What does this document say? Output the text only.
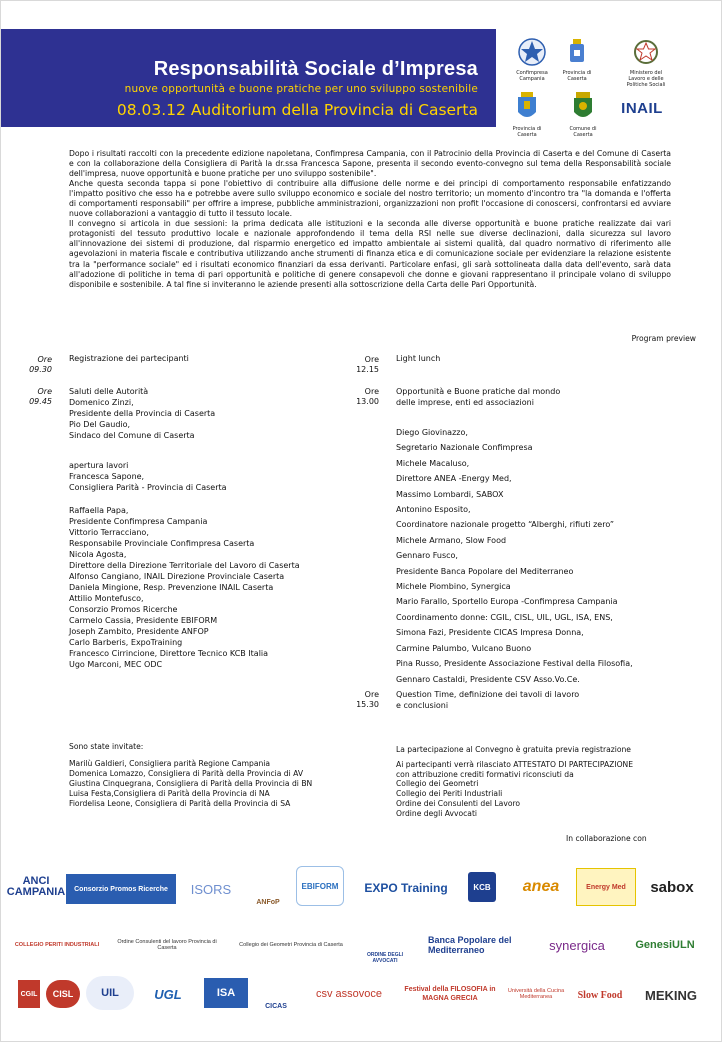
Responsabilità Sociale d’Impresa
nuove opportunità e buone pratiche per uno sviluppo sostenibile
08.03.12 Auditorium della Provincia di Caserta
Confimpresa Campania
Provincia di Caserta
Ministero del Lavoro e delle Politiche Sociali
Provincia di Caserta
Comune di Caserta
INAIL

Dopo i risultati raccolti con la precedente edizione napoletana, Confimpresa Campania, con il Patrocinio della Provincia di Caserta e del Comune di Caserta e con la collaborazione della Consigliera di Parità la dr.ssa Francesca Sapone, presenta il secondo evento-convegno sul tema della Responsabilità sociale dell'impresa, nuove opportunità e buone pratiche per uno sviluppo sostenibile".

Anche questa seconda tappa si pone l'obiettivo di contribuire alla diffusione delle norme e dei principi di comportamento responsabile enfatizzando l'impatto positivo che esso ha e potrebbe avere sullo sviluppo economico e sociale del nostro territorio; un momento d'incontro tra "la domanda e l'offerta di comportamenti responsabili" per offrire a imprese, pubbliche amministrazioni, organizzazioni non profit l'occasione di conoscersi, confrontarsi ed avviare nuove collaborazioni a vantaggio di tutto il tessuto locale.

Il convegno si articola in due sessioni: la prima dedicata alle istituzioni e la seconda alle diverse opportunità e buone pratiche realizzate dai vari protagonisti del tessuto produttivo locale e nazionale approfondendo il tema della RSI nelle sue diverse declinazioni, dalla sicurezza sul lavoro all'innovazione dei sistemi di produzione, dal risparmio energetico ed impatto ambientale ai sistemi qualità, dal quadro normativo di riferimento alle agevolazioni in materia fiscale e contributiva utilizzando anche strumenti di finanza etica e di comunicazione sociale per evidenziare la relazione esistente tra la "performance sociale" ed i risultati economico finanziari da essa derivanti. Particolare enfasi, gli sarà sottolineata dalla data dell'evento, sarà data all'adozione di politiche in tema di pari opportunità e politiche di genere consapevoli che donne e giovani rappresentano il principale volano di sviluppo disponibile e sostenibile. A tal fine si inviteranno le aziende presenti alla sottoscrizione della Carta delle Pari Opportunità.

Program preview
Ore
09.30
Registrazione dei partecipanti
Ore
09.45
Saluti delle Autorità
Domenico Zinzi,
Presidente della Provincia di Caserta
Pio Del Gaudio,
Sindaco del Comune di Caserta
apertura lavori
Francesca Sapone,
Consigliera Parità - Provincia di Caserta
Raffaella Papa,
Presidente Confimpresa Campania
Vittorio Terracciano,
Responsabile Provinciale Confimpresa Caserta
Nicola Agosta,
Direttore della Direzione Territoriale del Lavoro di Caserta
Alfonso Cangiano, INAIL Direzione Provinciale Caserta
Daniela Mingione, Resp. Prevenzione INAIL Caserta
Attilio Montefusco,
Consorzio Promos Ricerche
Carmelo Cassia, Presidente EBIFORM
Joseph Zambito, Presidente ANFOP
Carlo Barberis, ExpoTraining
Francesco Cirrincione, Direttore Tecnico KCB Italia
Ugo Marconi, MEC ODC
Ore
12.15
Light lunch
Ore
13.00
Opportunità e Buone pratiche dal mondo
delle imprese, enti ed associazioni
Diego Giovinazzo,
Segretario Nazionale Confimpresa
Michele Macaluso,
Direttore ANEA -Energy Med,
Massimo Lombardi, SABOX
Antonino Esposito,
Coordinatore nazionale progetto “Alberghi, rifiuti zero”
Michele Armano, Slow Food
Gennaro Fusco,
Presidente Banca Popolare del Mediterraneo
Michele Piombino, Synergica
Mario Farallo, Sportello Europa -Confimpresa Campania
Coordinamento donne: CGIL, CISL, UIL, UGL, ISA, ENS,
Simona Fazi, Presidente CICAS Impresa Donna,
Carmine Palumbo, Vulcano Buono
Pina Russo, Presidente Associazione Festival della Filosofia,
Gennaro Castaldi, Presidente CSV Asso.Vo.Ce.
Ore
15.30
Question Time, definizione dei tavoli di lavoro
e conclusioni
Sono state invitate:
Marilù Galdieri, Consigliera parità Regione Campania
Domenica Lomazzo, Consigliera di Parità della Provincia di AV
Giustina Cinquegrana, Consigliera di Parità della Provincia di BN
Luisa Festa,Consigliera di Parità della Provincia di NA
Fiordelisa Leone, Consigliera di Parità della Provincia di SA
La partecipazione al Convegno è gratuita previa registrazione
Ai partecipanti verrà rilasciato ATTESTATO DI PARTECIPAZIONE
con attribuzione crediti formativi riconsciuti da
Collegio dei Geometri
Collegio dei Periti Industriali
Ordine dei Consulenti del Lavoro
Ordine degli Avvocati
In collaborazione con
ANCI CAMPANIA Consorzio Promos Ricerche ISORS
ANFoP
EBIFORM EXPO Training	KCB anea	Energy Med sabox
COLLEGIO PERITI INDUSTRIALI	Ordine Consulenti del lavoro Provincia di Caserta	Collegio dei Geometri Provincia di Caserta
ORDINE DEGLI AVVOCATI
Banca Popolare del Mediterraneo	synergica	GenesiULN
CGIL CISL	UIL	UGL	ISA
CICAS
csv assovoce	Festival della FILOSOFIA in MAGNA GRECIA
Università della Cucina Mediterranea	Slow Food MEKING
